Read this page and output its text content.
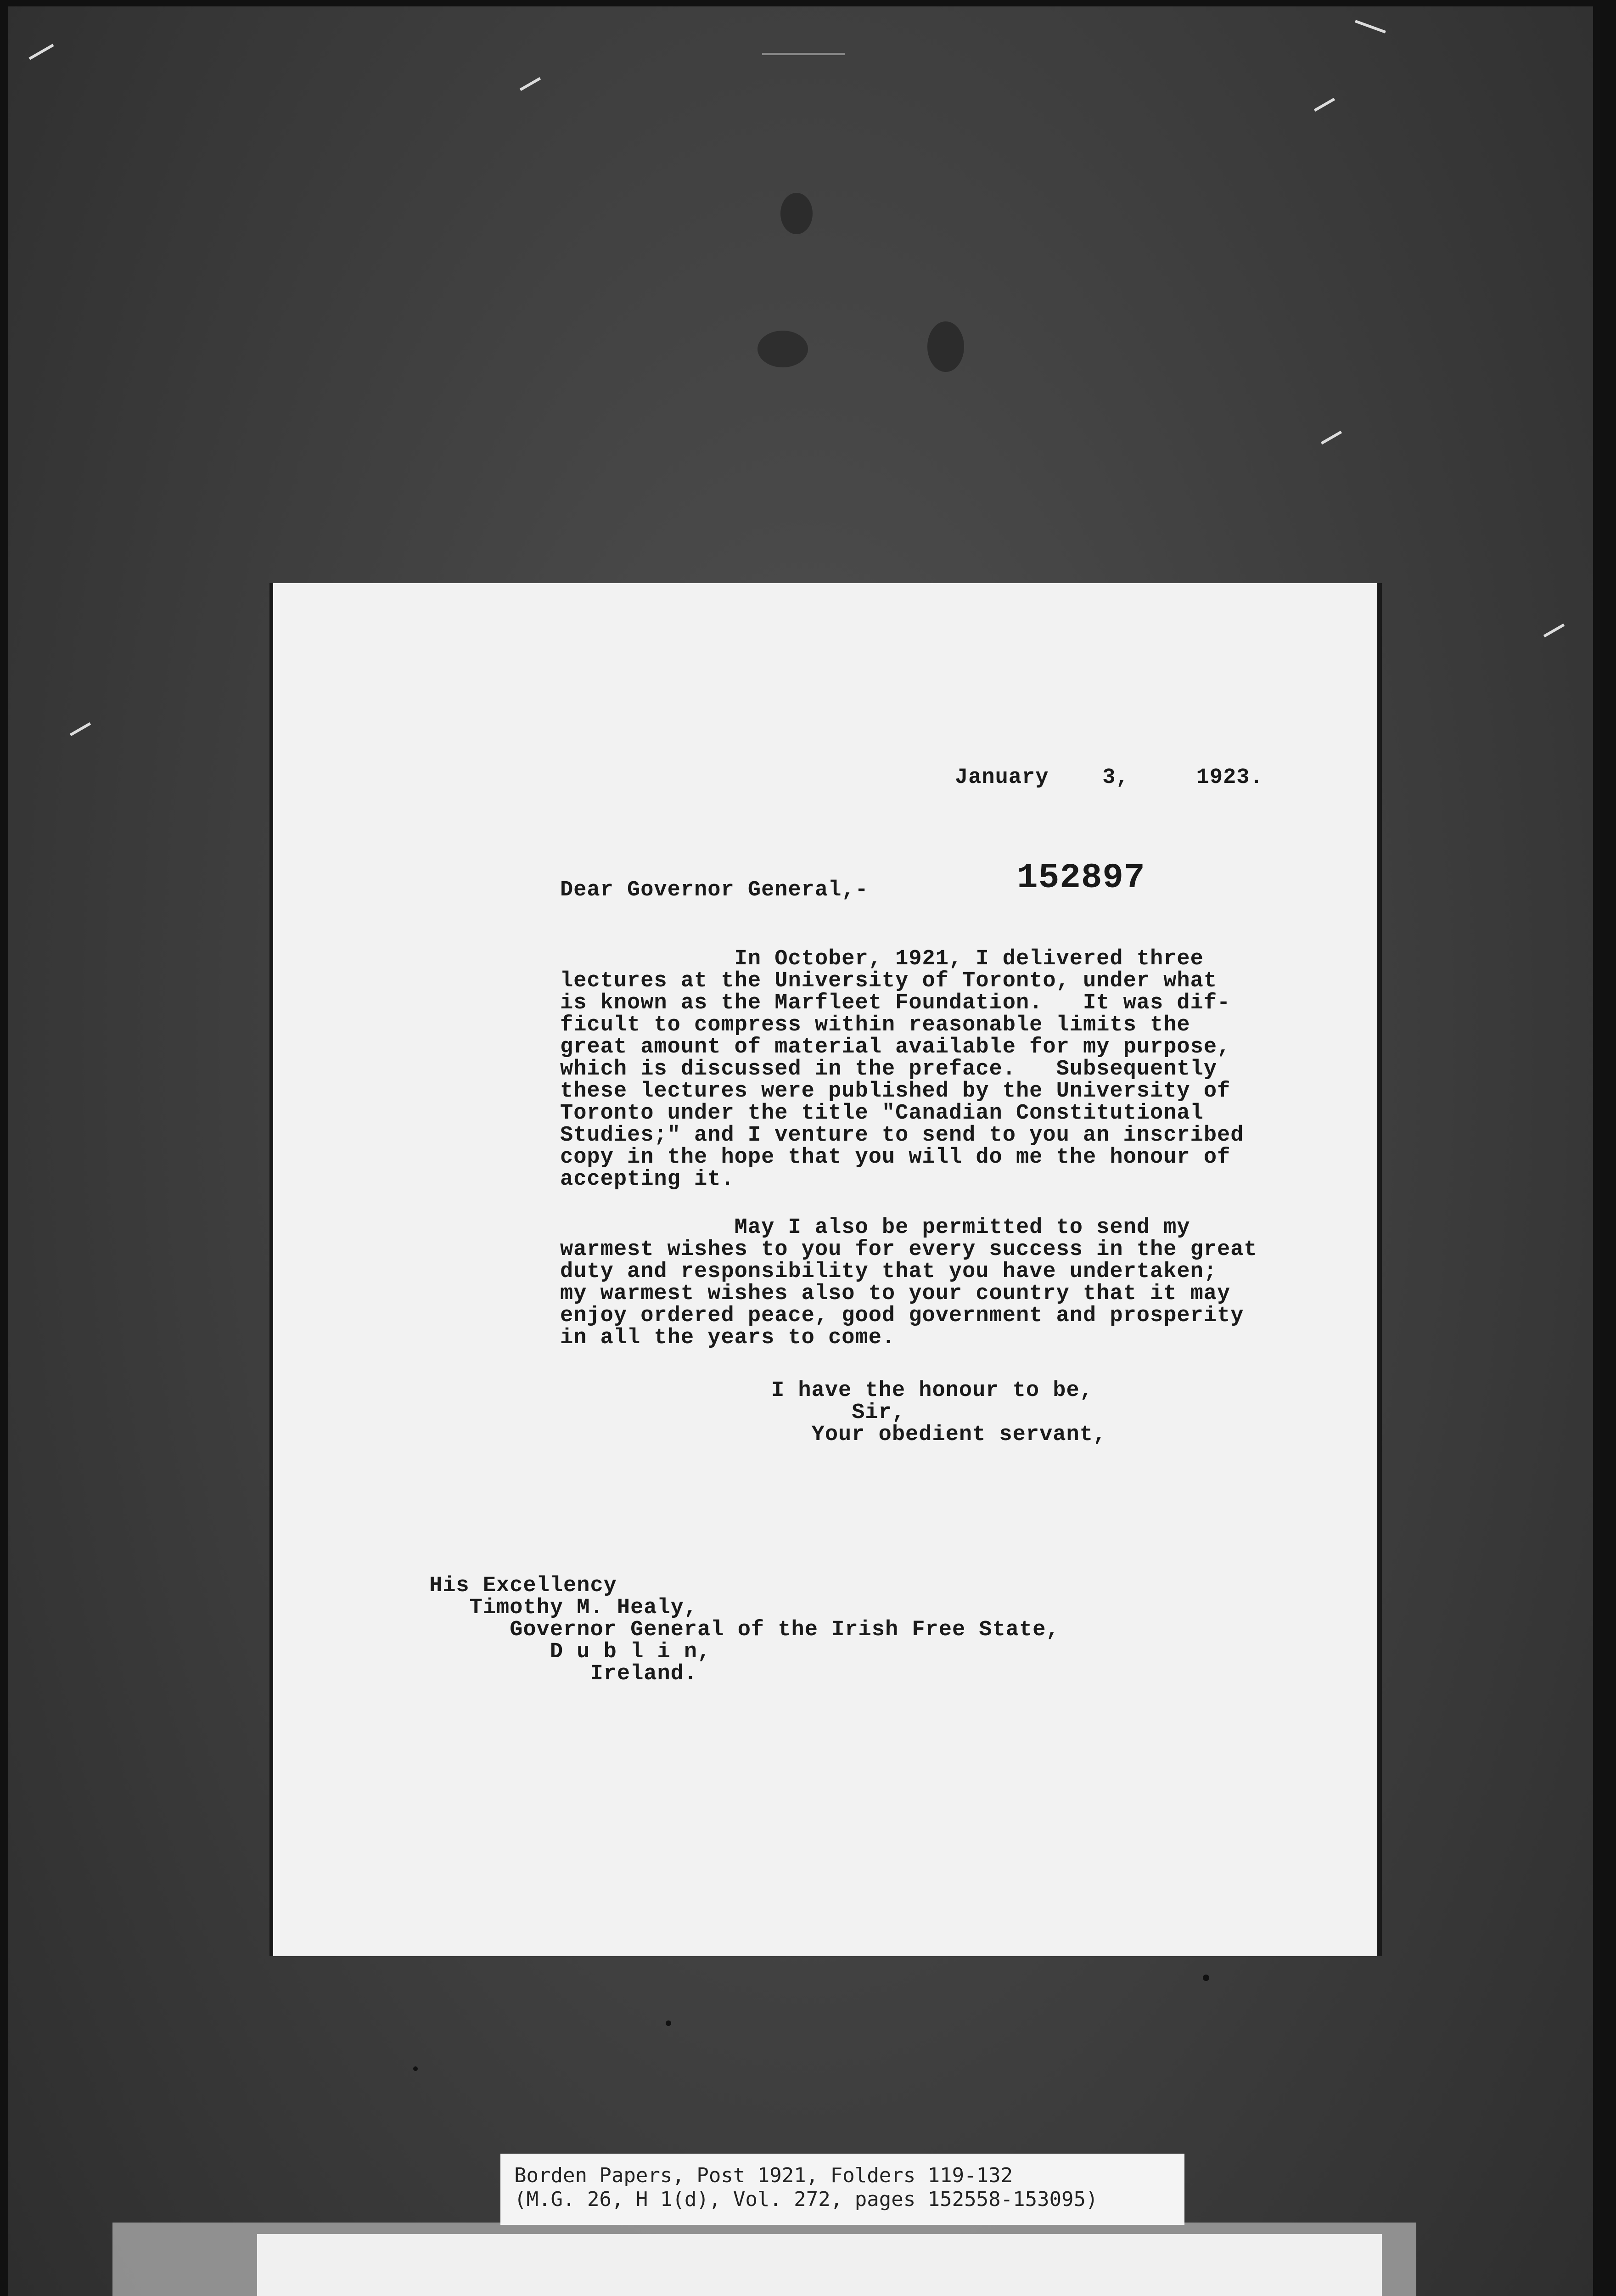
January    3,     1923.
Dear Governor General,-	152897
In October, 1921, I delivered three
lectures at the University of Toronto, under what
is known as the Marfleet Foundation.   It was dif-
ficult to compress within reasonable limits the
great amount of material available for my purpose,
which is discussed in the preface.   Subsequently
these lectures were published by the University of
Toronto under the title "Canadian Constitutional
Studies;" and I venture to send to you an inscribed
copy in the hope that you will do me the honour of
accepting it.
May I also be permitted to send my
warmest wishes to you for every success in the great
duty and responsibility that you have undertaken;
my warmest wishes also to your country that it may
enjoy ordered peace, good government and prosperity
in all the years to come.
I have the honour to be,
Sir,
Your obedient servant,
His Excellency
Timothy M. Healy,
Governor General of the Irish Free State,
D u b l i n,
Ireland.
Borden Papers, Post 1921, Folders 119-132
(M.G. 26, H 1(d), Vol. 272, pages 152558-153095)
